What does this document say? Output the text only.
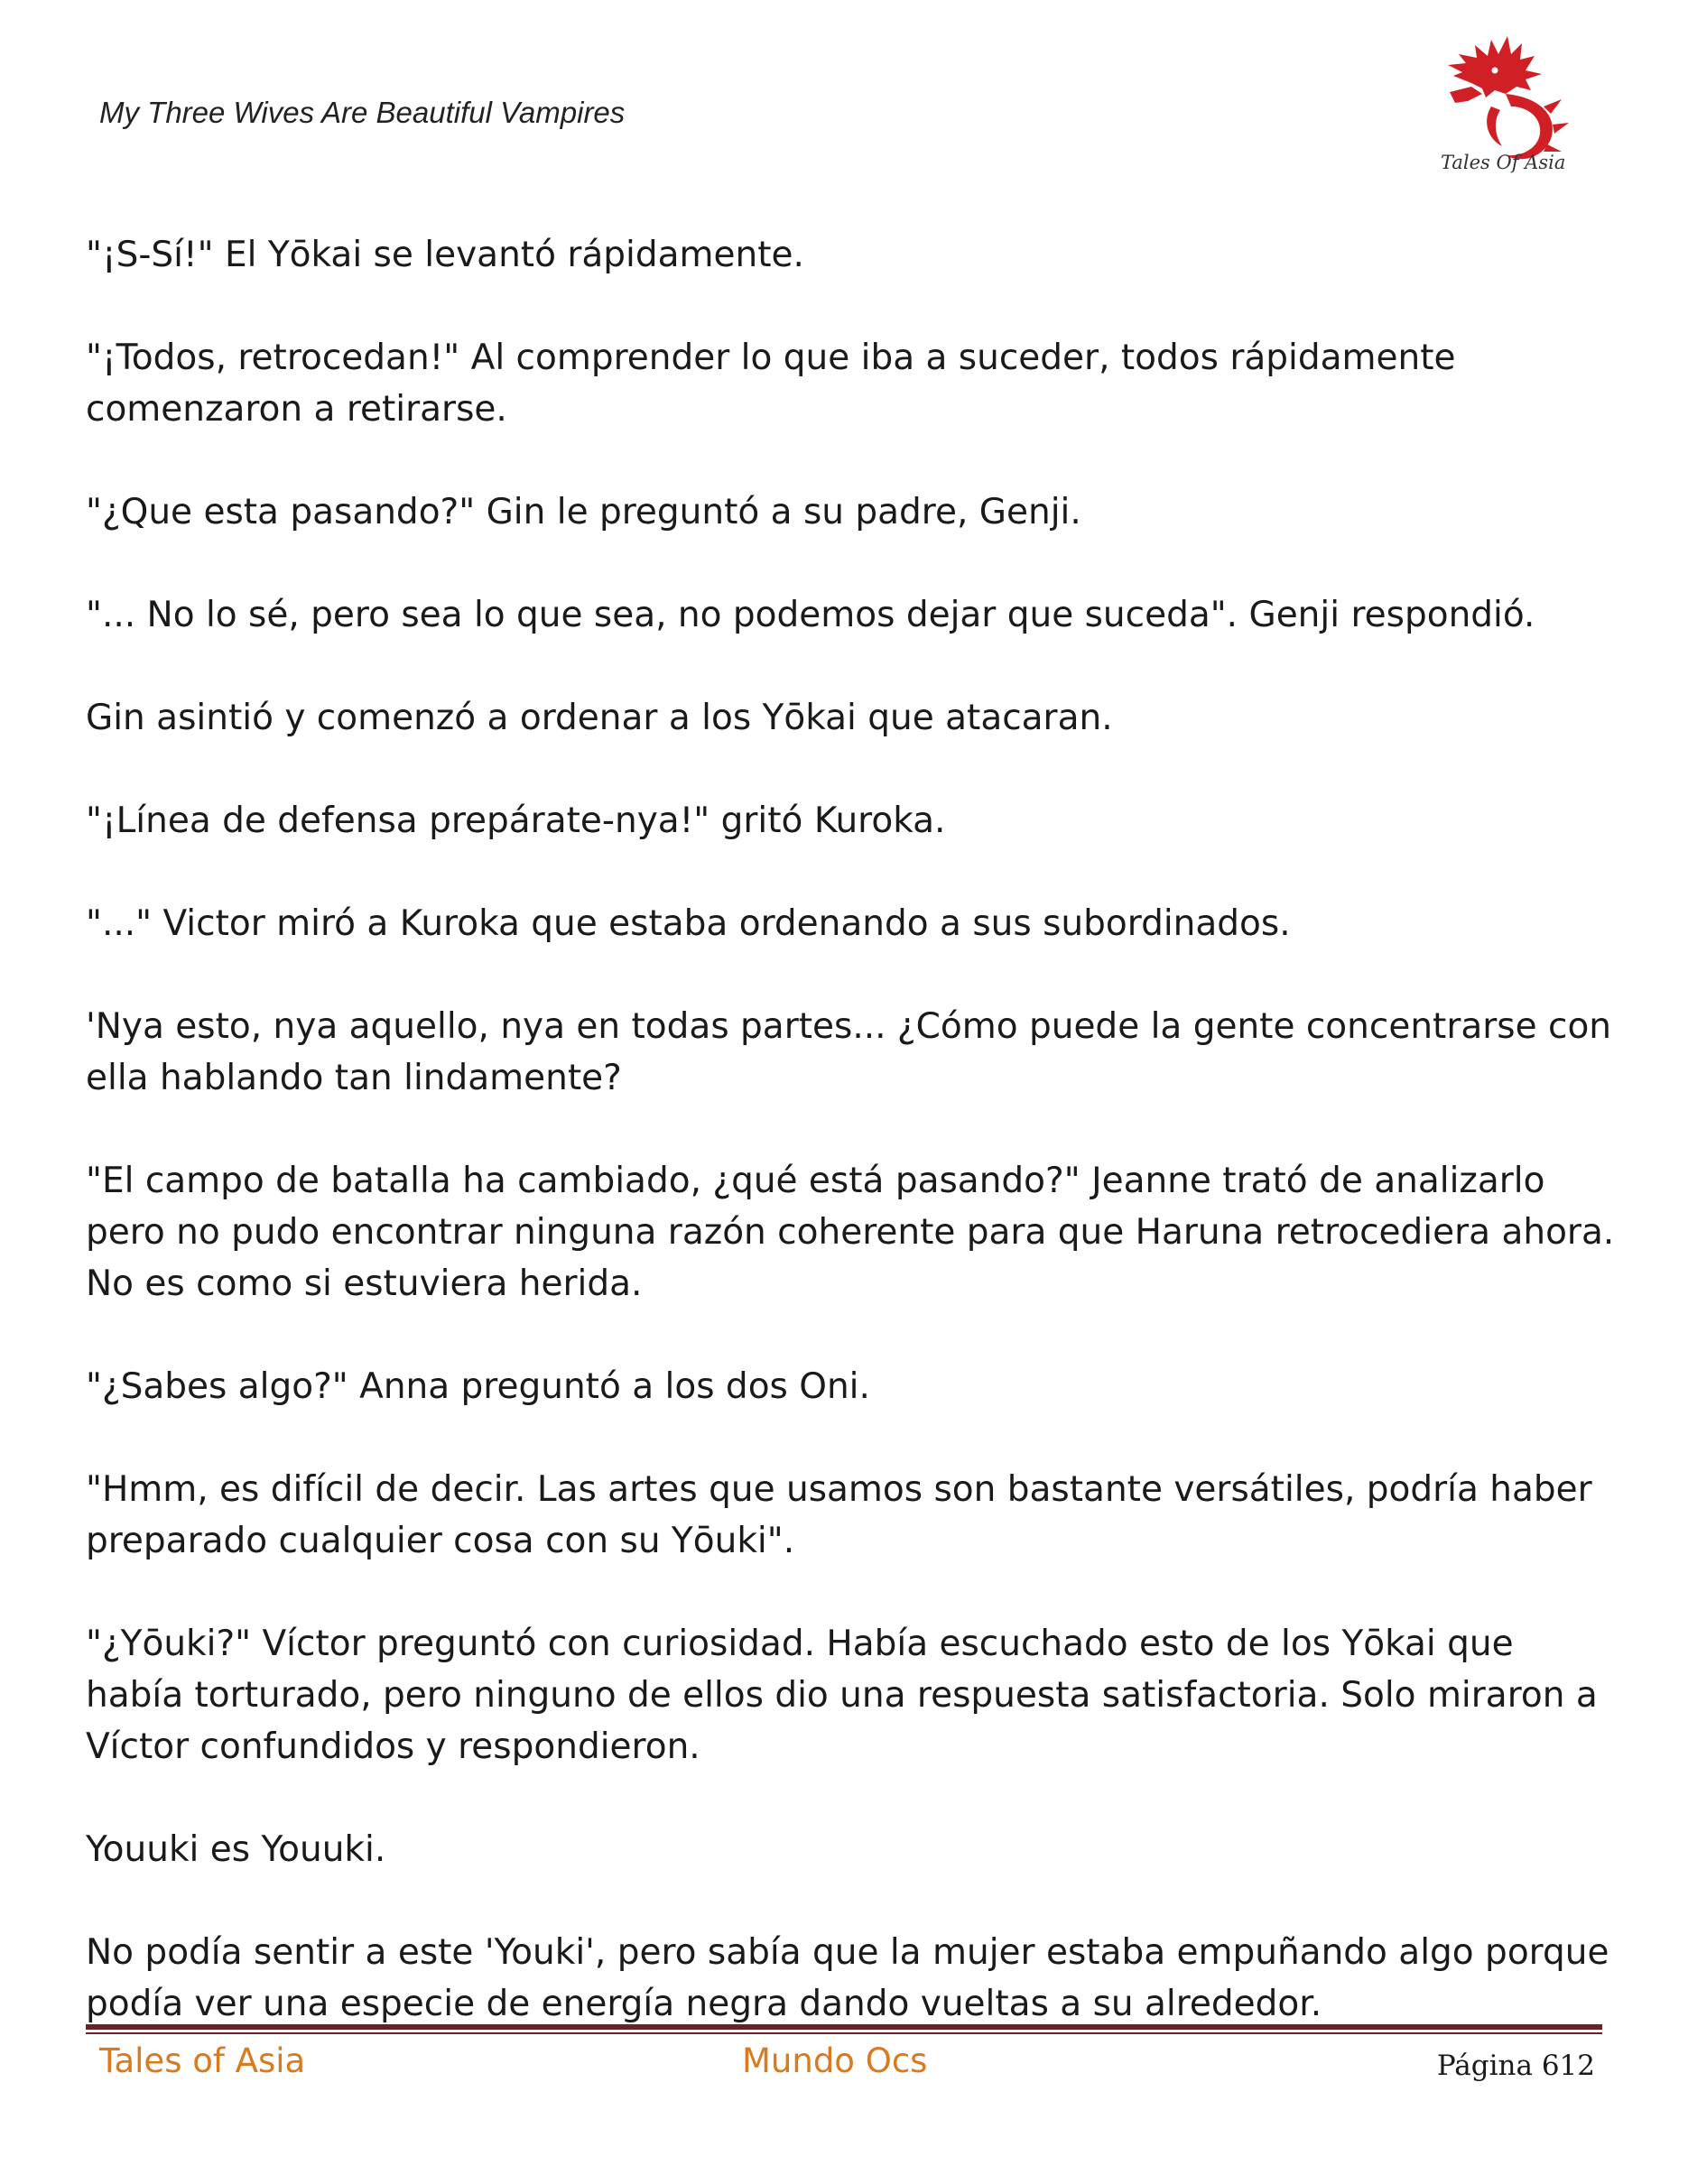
My Three Wives Are Beautiful Vampires
Tales Of Asia

"¡S-Sí!" El Yōkai se levantó rápidamente.

"¡Todos, retrocedan!" Al comprender lo que iba a suceder, todos rápidamente comenzaron a retirarse.

"¿Que esta pasando?" Gin le preguntó a su padre, Genji.

"... No lo sé, pero sea lo que sea, no podemos dejar que suceda". Genji respondió.

Gin asintió y comenzó a ordenar a los Yōkai que atacaran.

"¡Línea de defensa prepárate-nya!" gritó Kuroka.

"..." Victor miró a Kuroka que estaba ordenando a sus subordinados.

'Nya esto, nya aquello, nya en todas partes... ¿Cómo puede la gente concentrarse con ella hablando tan lindamente?

"El campo de batalla ha cambiado, ¿qué está pasando?" Jeanne trató de analizarlo pero no pudo encontrar ninguna razón coherente para que Haruna retrocediera ahora. No es como si estuviera herida.

"¿Sabes algo?" Anna preguntó a los dos Oni.

"Hmm, es difícil de decir. Las artes que usamos son bastante versátiles, podría haber preparado cualquier cosa con su Yōuki".

"¿Yōuki?" Víctor preguntó con curiosidad. Había escuchado esto de los Yōkai que había torturado, pero ninguno de ellos dio una respuesta satisfactoria. Solo miraron a Víctor confundidos y respondieron.

Youuki es Youuki.

No podía sentir a este 'Youki', pero sabía que la mujer estaba empuñando algo porque podía ver una especie de energía negra dando vueltas a su alrededor.

Tales of Asia	Mundo Ocs	Página 612
